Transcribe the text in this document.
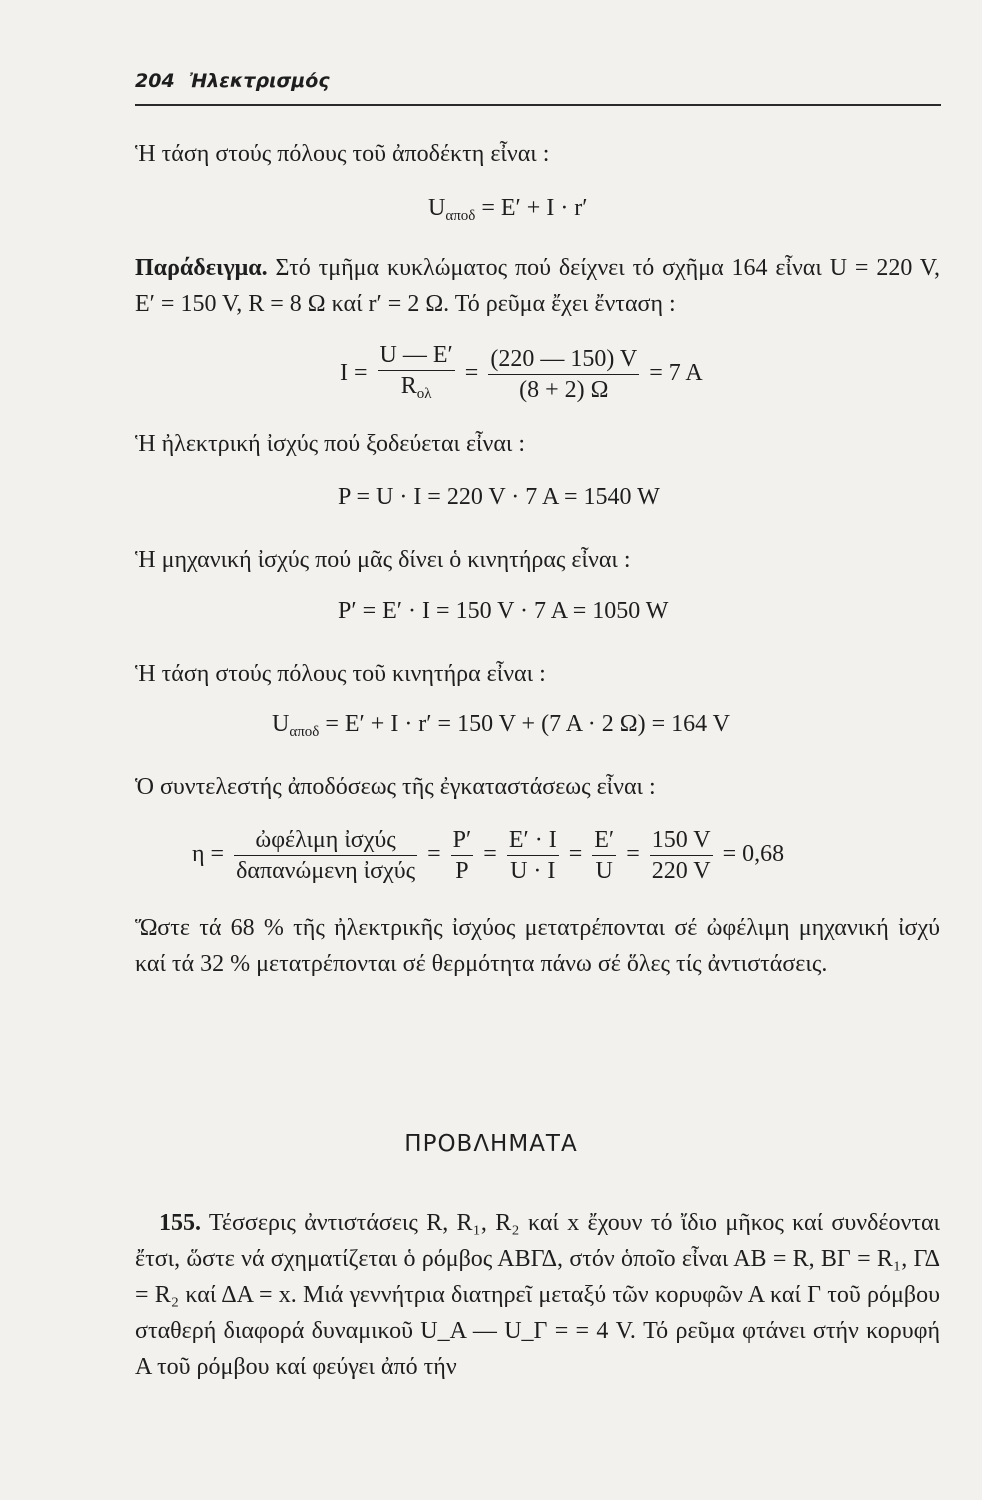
204 Ἠλεκτρισμός
Ἡ τάση στούς πόλους τοῦ ἀποδέκτη εἶναι :
$U_{\alpha\pi o\delta} = E' + I \cdot r'$
Παράδειγμα. Στό τμῆμα κυκλώματος πού δείχνει τό σχῆμα 164 εἶναι U = 220 V, E′ = 150 V, R = 8 Ω καί r′ = 2 Ω. Τό ρεῦμα ἔχει ἔνταση :
$I = \frac{U — E'}{R_{o\lambda}} = \frac{(220 — 150) V}{(8 + 2) \Omega} = 7$ A
Ἡ ἠλεκτρική ἰσχύς πού ξοδεύεται εἶναι :
P = U · I = 220 V · 7 A = 1540 W
Ἡ μηχανική ἰσχύς πού μᾶς δίνει ὁ κινητήρας εἶναι :
P′ = E′ · I = 150 V · 7 A = 1050 W
Ἡ τάση στούς πόλους τοῦ κινητήρα εἶναι :
$U_{\alpha\pi o\delta} = E' + I \cdot r' = 150$ V + (7 A · 2 Ω) = 164 V
Ὁ συντελεστής ἀποδόσεως τῆς ἐγκαταστάσεως εἶναι :
$\eta = \frac{\text{ὠφέλιμη ἰσχύς}}{\text{δαπανώμενη ἰσχύς}} = \frac{P'}{P} = \frac{E' \cdot I}{U \cdot I} = \frac{E'}{U} = \frac{150 V}{220 V} = 0,68$
Ὥστε τά 68 % τῆς ἠλεκτρικῆς ἰσχύος μετατρέπονται σέ ὠφέλιμη μηχανική ἰσχύ καί τά 32 % μετατρέπονται σέ θερμότητα πάνω σέ ὅλες τίς ἀντιστάσεις.
ΠΡΟΒΛΗΜΑΤΑ
155. Τέσσερις ἀντιστάσεις R, R₁, R₂ καί x ἔχουν τό ἴδιο μῆκος καί συνδέονται ἔτσι, ὥστε νά σχηματίζεται ὁ ρόμβος ΑΒΓΔ, στόν ὁποῖο εἶναι ΑΒ = R, ΒΓ = R₁, ΓΔ = R₂ καί ΔΑ = x. Μιά γεννήτρια διατηρεῖ μεταξύ τῶν κορυφῶν Α καί Γ τοῦ ρόμβου σταθερή διαφορά δυναμικοῦ U_A — U_Γ = = 4 V. Τό ρεῦμα φτάνει στήν κορυφή Α τοῦ ρόμβου καί φεύγει ἀπό τήν
